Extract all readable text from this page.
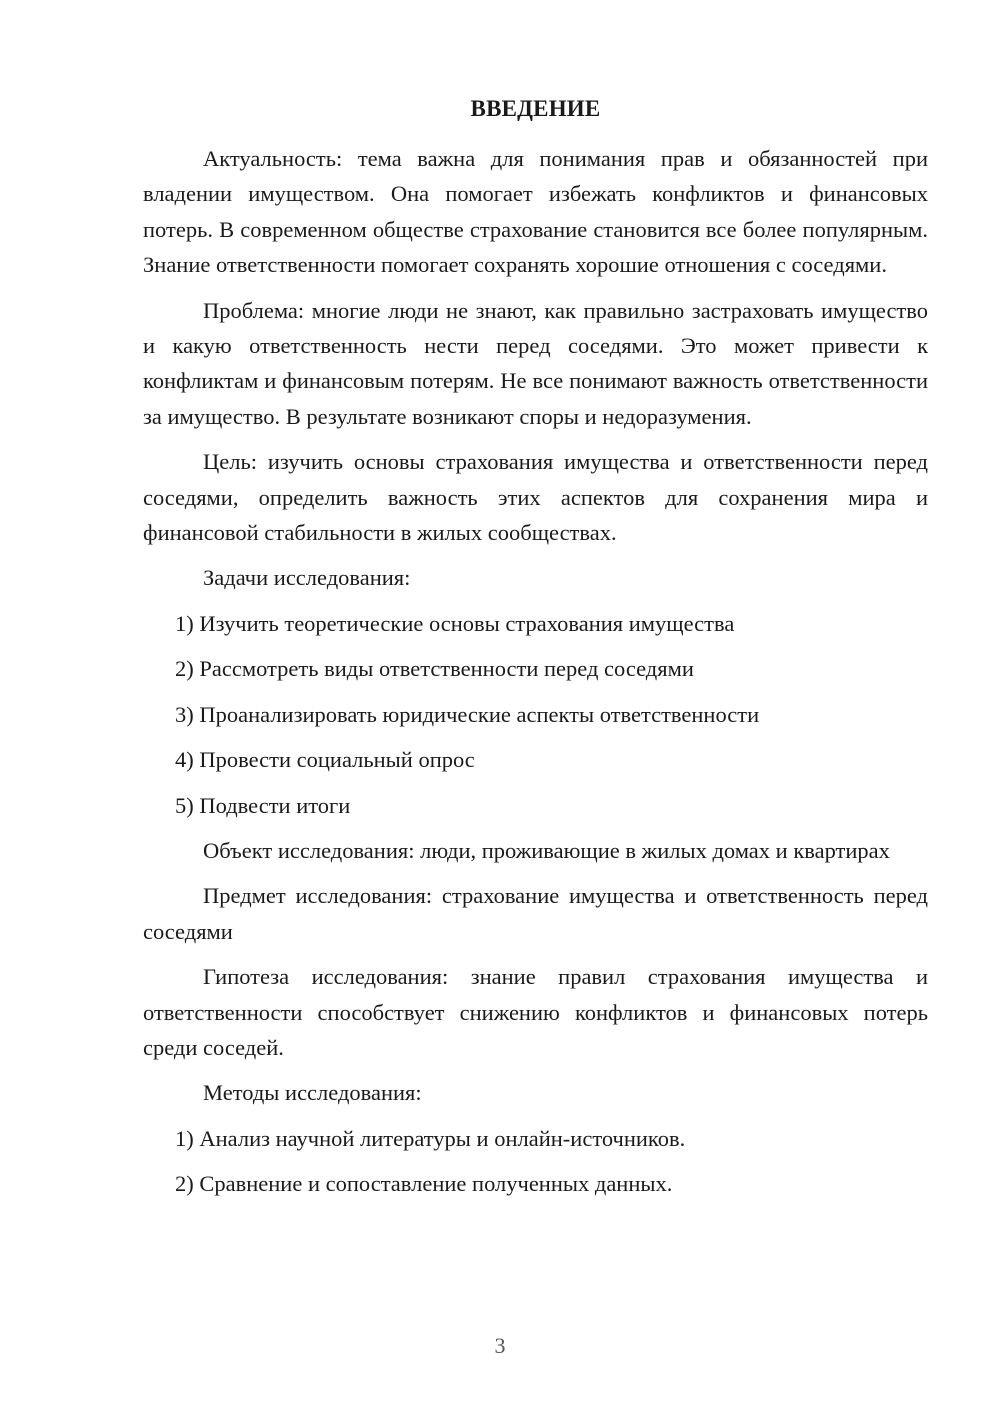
ВВЕДЕНИЕ

Актуальность: тема важна для понимания прав и обязанностей при владении имуществом. Она помогает избежать конфликтов и финансовых потерь. В современном обществе страхование становится все более популярным. Знание ответственности помогает сохранять хорошие отношения с соседями.

Проблема: многие люди не знают, как правильно застраховать имущество и какую ответственность нести перед соседями. Это может привести к конфликтам и финансовым потерям. Не все понимают важность ответственности за имущество. В результате возникают споры и недоразумения.

Цель: изучить основы страхования имущества и ответственности перед соседями, определить важность этих аспектов для сохранения мира и финансовой стабильности в жилых сообществах.

Задачи исследования:

1) Изучить теоретические основы страхования имущества

2) Рассмотреть виды ответственности перед соседями

3) Проанализировать юридические аспекты ответственности

4) Провести социальный опрос

5) Подвести итоги

Объект исследования: люди, проживающие в жилых домах и квартирах

Предмет исследования: страхование имущества и ответственность перед соседями

Гипотеза исследования: знание правил страхования имущества и ответственности способствует снижению конфликтов и финансовых потерь среди соседей.

Методы исследования:

1) Анализ научной литературы и онлайн-источников.

2) Сравнение и сопоставление полученных данных.

3
